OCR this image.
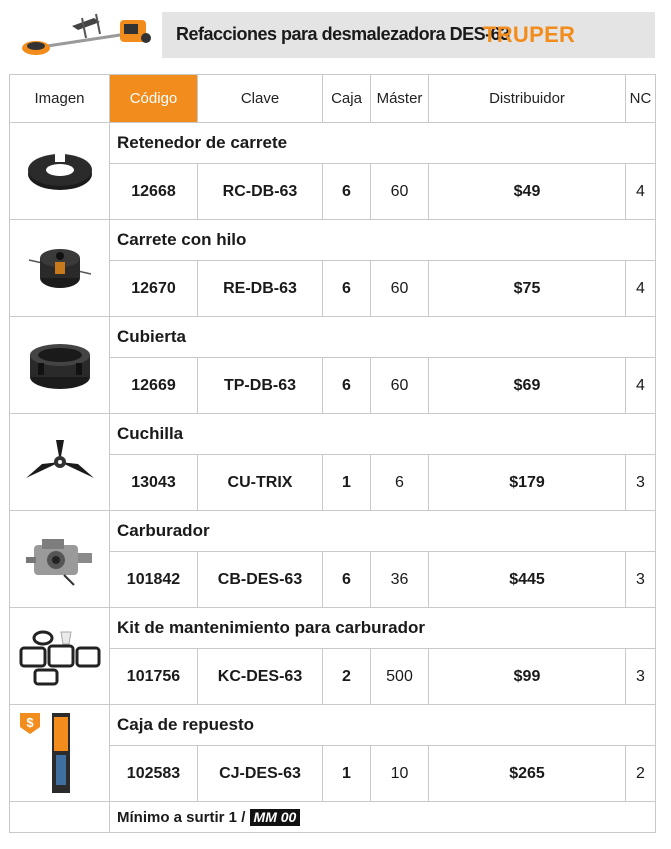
Refacciones para desmalezadora DES-63
TRUPER
Imagen	Código	Clave	Caja	Máster	Distribuidor	NC

	Retenedor de carrete					
	12668	RC-DB-63	6	60	$49	4

	Carrete con hilo					
	12670	RE-DB-63	6	60	$75	4

	Cubierta					
	12669	TP-DB-63	6	60	$69	4

	Cuchilla					
	13043	CU-TRIX	1	6	$179	3

	Carburador					
	101842	CB-DES-63	6	36	$445	3

	Kit de mantenimiento para carburador					
	101756	KC-DES-63	2	500	$99	3

$	Caja de repuesto					
	102583	CJ-DES-63	1	10	$265	2
	Mínimo a surtir 1 / MM 00					
